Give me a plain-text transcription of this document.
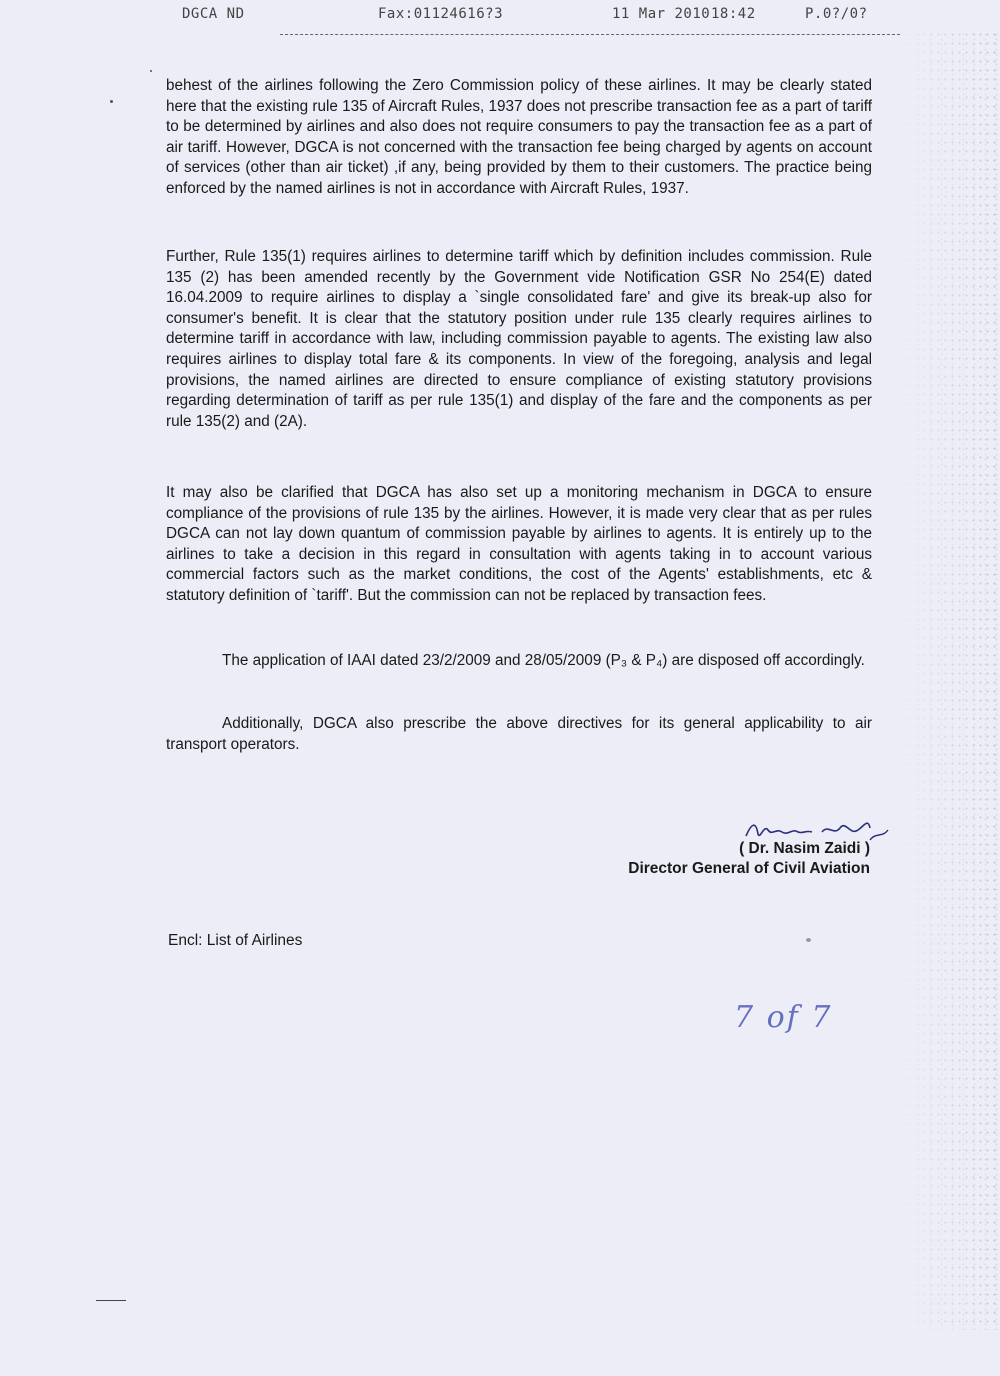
DGCA ND	Fax:01124616?3	11 Mar 2010 18:42	P.0?/0?

behest of the airlines following the Zero Commission policy of these airlines. It may be clearly stated here that the existing rule 135 of Aircraft Rules, 1937 does not prescribe transaction fee as a part of tariff to be determined by airlines and also does not require consumers to pay the transaction fee as a part of air tariff. However, DGCA is not concerned with the transaction fee being charged by agents on account of services (other than air ticket) ,if any, being provided by them to their customers. The practice being enforced by the named airlines is not in accordance with Aircraft Rules, 1937.

Further, Rule 135(1) requires airlines to determine tariff which by definition includes commission. Rule 135 (2) has been amended recently by the Government vide Notification GSR No 254(E) dated 16.04.2009 to require airlines to display a `single consolidated fare' and give its break-up also for consumer's benefit. It is clear that the statutory position under rule 135 clearly requires airlines to determine tariff in accordance with law, including commission payable to agents. The existing law also requires airlines to display total fare & its components. In view of the foregoing, analysis and legal provisions, the named airlines are directed to ensure compliance of existing statutory provisions regarding determination of tariff as per rule 135(1) and display of the fare and the components as per rule 135(2) and (2A).

It may also be clarified that DGCA has also set up a monitoring mechanism in DGCA to ensure compliance of the provisions of rule 135 by the airlines. However, it is made very clear that as per rules DGCA can not lay down quantum of commission payable by airlines to agents. It is entirely up to the airlines to take a decision in this regard in consultation with agents taking in to account various commercial factors such as the market conditions, the cost of the Agents' establishments, etc & statutory definition of `tariff'. But the commission can not be replaced by transaction fees.

The application of IAAI dated 23/2/2009 and 28/05/2009 (P₃ & P₄) are disposed off accordingly.

Additionally, DGCA also prescribe the above directives for its general applicability to air transport operators.

( Dr. Nasim Zaidi )
Director General of Civil Aviation
Encl: List of Airlines
7 of 7
